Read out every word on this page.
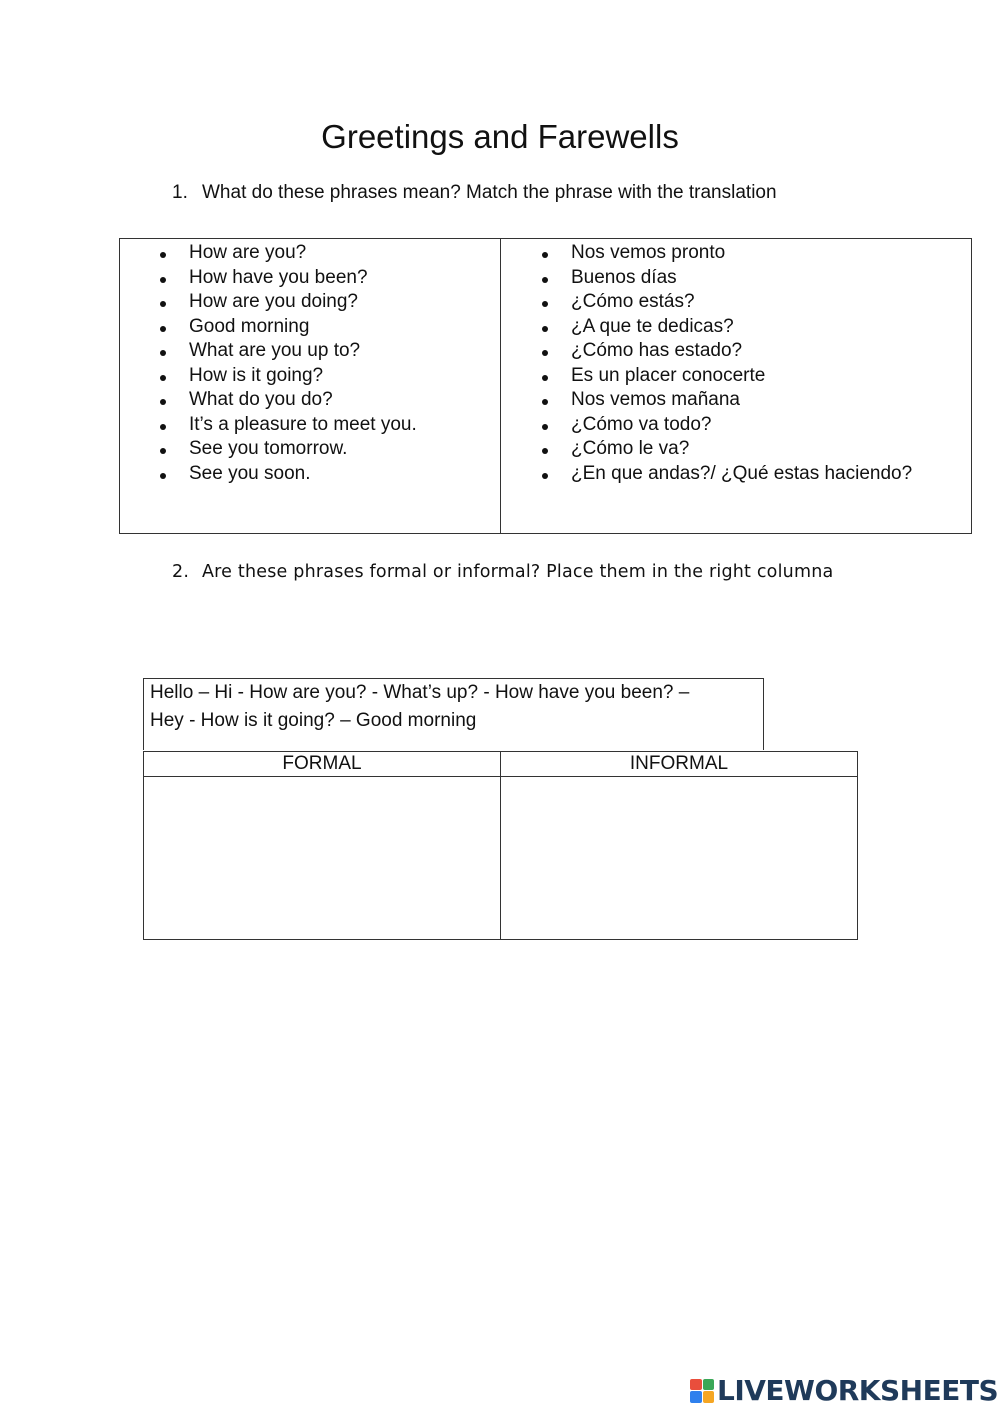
Greetings and Farewells
1. What do these phrases mean? Match the phrase with the translation
How are you?
How have you been?
How are you doing?
Good morning
What are you up to?
How is it going?
What do you do?
It’s a pleasure to meet you.
See you tomorrow.
See you soon.

Nos vemos pronto
Buenos días
¿Cómo estás?
¿A que te dedicas?
¿Cómo has estado?
Es un placer conocerte
Nos vemos mañana
¿Cómo va todo?
¿Cómo le va?
¿En que andas?/ ¿Qué estas haciendo?
2. Are these phrases formal or informal? Place them in the right columna
Hello – Hi - How are you? - What’s up? - How have you been? –
Hey - How is it going? – Good morning
FORMAL	INFORMAL

LIVEWORKSHEETS
